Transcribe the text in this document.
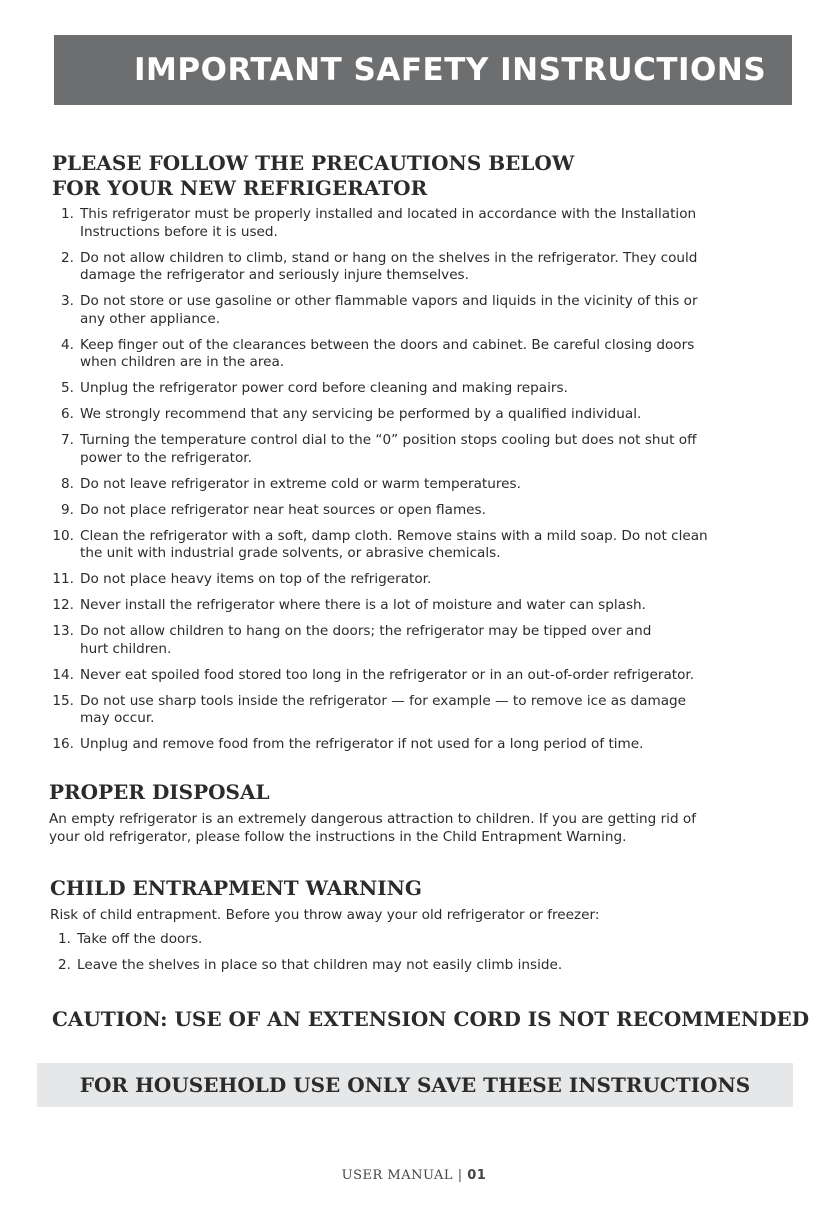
IMPORTANT SAFETY INSTRUCTIONS
PLEASE FOLLOW THE PRECAUTIONS BELOW
FOR YOUR NEW REFRIGERATOR
1. This refrigerator must be properly installed and located in accordance with the Installation
Instructions before it is used.
2. Do not allow children to climb, stand or hang on the shelves in the refrigerator. They could
damage the refrigerator and seriously injure themselves.
3. Do not store or use gasoline or other flammable vapors and liquids in the vicinity of this or
any other appliance.
4. Keep finger out of the clearances between the doors and cabinet. Be careful closing doors
when children are in the area.
5. Unplug the refrigerator power cord before cleaning and making repairs.
6. We strongly recommend that any servicing be performed by a qualified individual.
7. Turning the temperature control dial to the “0” position stops cooling but does not shut off
power to the refrigerator.
8. Do not leave refrigerator in extreme cold or warm temperatures.
9. Do not place refrigerator near heat sources or open flames.
10. Clean the refrigerator with a soft, damp cloth. Remove stains with a mild soap. Do not clean
the unit with industrial grade solvents, or abrasive chemicals.
11. Do not place heavy items on top of the refrigerator.
12. Never install the refrigerator where there is a lot of moisture and water can splash.
13. Do not allow children to hang on the doors; the refrigerator may be tipped over and
hurt children.
14. Never eat spoiled food stored too long in the refrigerator or in an out-of-order refrigerator.
15. Do not use sharp tools inside the refrigerator — for example — to remove ice as damage
may occur.
16. Unplug and remove food from the refrigerator if not used for a long period of time.
PROPER DISPOSAL

An empty refrigerator is an extremely dangerous attraction to children. If you are getting rid of

your old refrigerator, please follow the instructions in the Child Entrapment Warning.

CHILD ENTRAPMENT WARNING

Risk of child entrapment. Before you throw away your old refrigerator or freezer:

1. Take off the doors.
2. Leave the shelves in place so that children may not easily climb inside.
CAUTION: USE OF AN EXTENSION CORD IS NOT RECOMMENDED
FOR HOUSEHOLD USE ONLY SAVE THESE INSTRUCTIONS
USER MANUAL | 01
